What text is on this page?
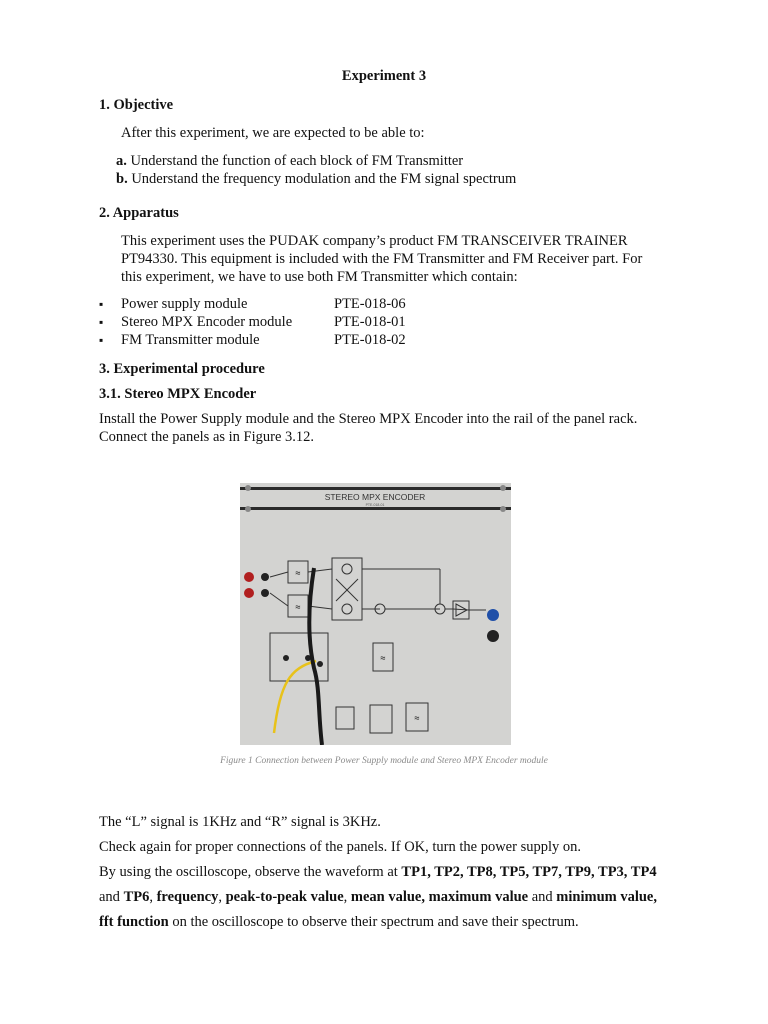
Experiment 3
1. Objective
After this experiment, we are expected to be able to:
a. Understand the function of each block of FM Transmitter
b. Understand the frequency modulation and the FM signal spectrum
2. Apparatus
This experiment uses the PUDAK company’s product FM TRANSCEIVER TRAINER
PT94330. This equipment is included with the FM Transmitter and FM Receiver part. For
this experiment, we have to use both FM Transmitter which contain:
▪ Power supply module	PTE-018-06
▪ Stereo MPX Encoder module	PTE-018-01
▪ FM Transmitter module	PTE-018-02
3. Experimental procedure
3.1. Stereo MPX Encoder
Install the Power Supply module and the Stereo MPX Encoder into the rail of the panel rack.
Connect the panels as in Figure 3.12.
STEREO MPX ENCODER
PTE-018-01
≈
≈
≈
≈
Figure 1 Connection between Power Supply module and Stereo MPX Encoder module
The “L” signal is 1KHz and “R” signal is 3KHz.
Check again for proper connections of the panels. If OK, turn the power supply on.
By using the oscilloscope, observe the waveform at TP1, TP2, TP8, TP5, TP7, TP9, TP3, TP4
and TP6, frequency, peak-to-peak value, mean value, maximum value and minimum value,
fft function on the oscilloscope to observe their spectrum and save their spectrum.
